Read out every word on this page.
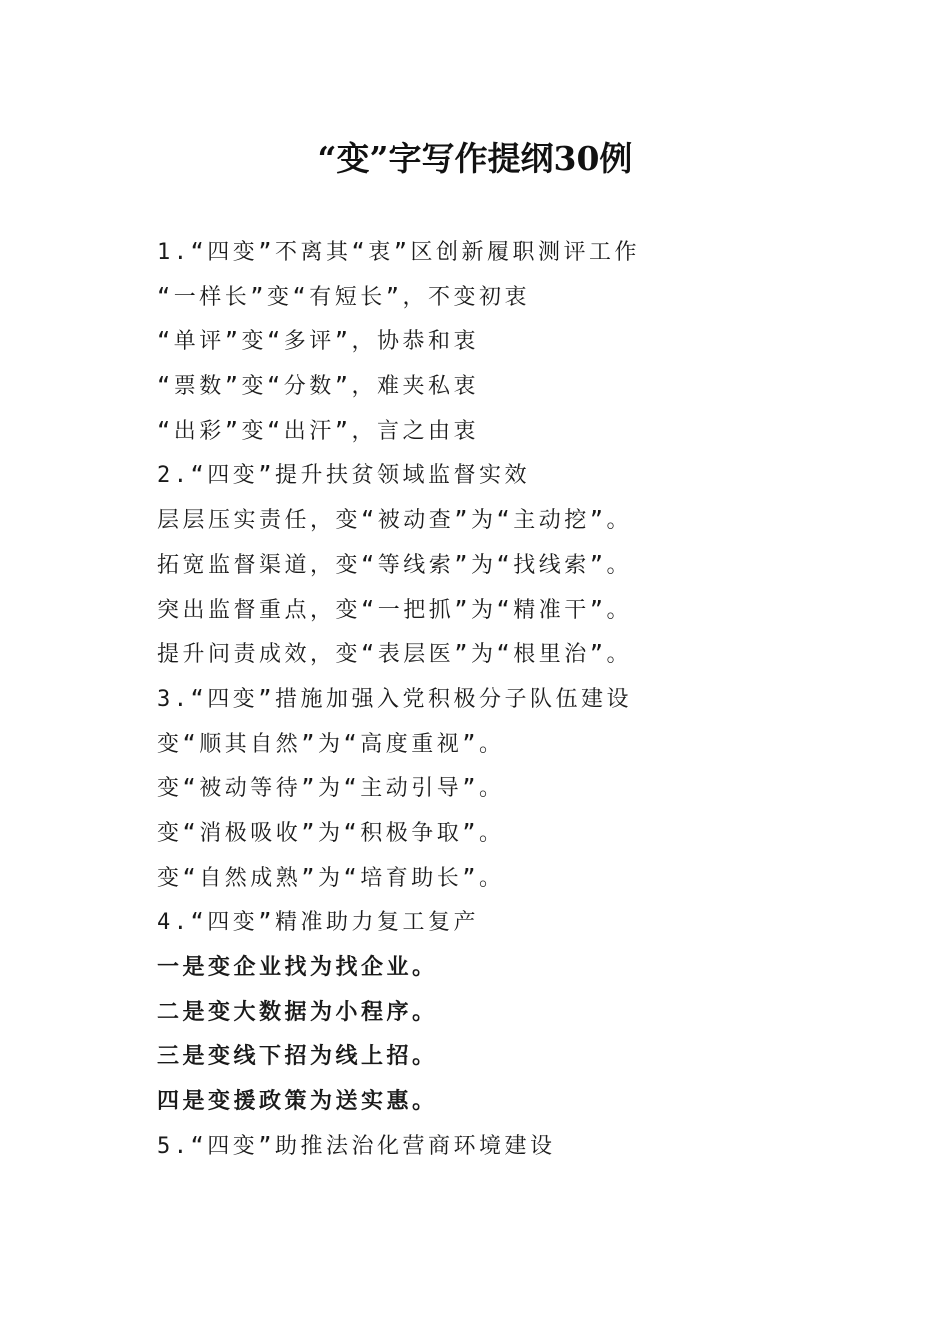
“变”字写作提纲30例
1.“四变”不离其“衷”区创新履职测评工作
“一样长”变“有短长”，不变初衷
“单评”变“多评”，协恭和衷
“票数”变“分数”，难夹私衷
“出彩”变“出汗”，言之由衷
2.“四变”提升扶贫领域监督实效
层层压实责任，变“被动查”为“主动挖”。
拓宽监督渠道，变“等线索”为“找线索”。
突出监督重点，变“一把抓”为“精准干”。
提升问责成效，变“表层医”为“根里治”。
3.“四变”措施加强入党积极分子队伍建设
变“顺其自然”为“高度重视”。
变“被动等待”为“主动引导”。
变“消极吸收”为“积极争取”。
变“自然成熟”为“培育助长”。
4.“四变”精准助力复工复产
一是变企业找为找企业。
二是变大数据为小程序。
三是变线下招为线上招。
四是变援政策为送实惠。
5.“四变”助推法治化营商环境建设
